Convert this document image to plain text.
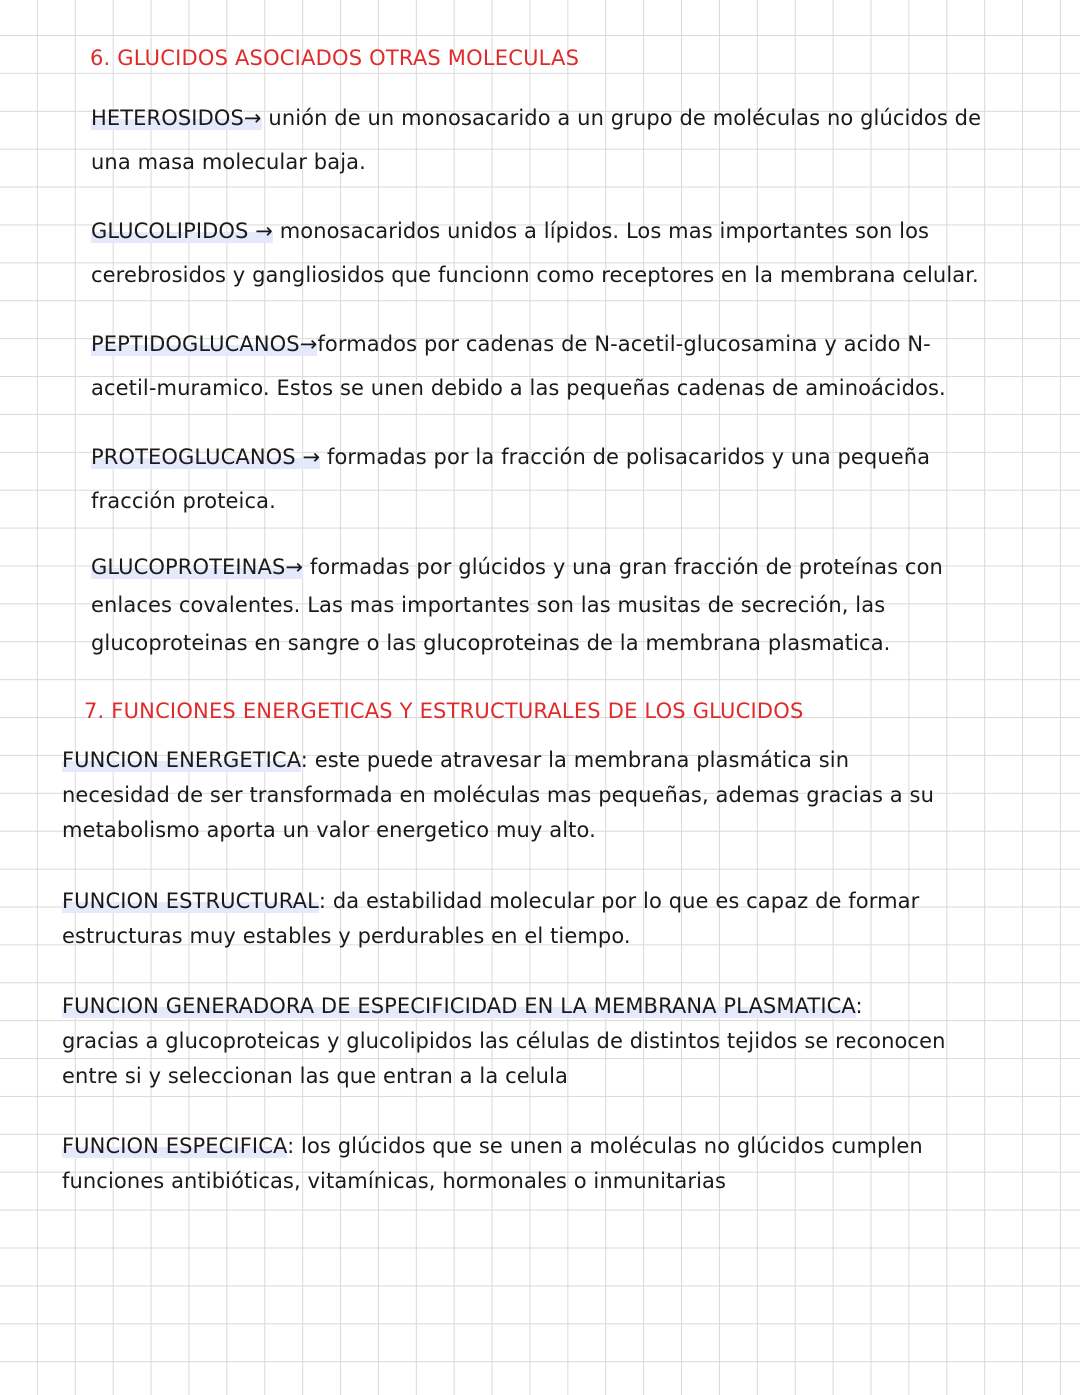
6. GLUCIDOS ASOCIADOS OTRAS MOLECULAS
HETEROSIDOS→ unión de un monosacarido a un grupo de moléculas no glúcidos de
una masa molecular baja.
GLUCOLIPIDOS → monosacaridos unidos a lípidos. Los mas importantes son los
cerebrosidos y gangliosidos que funcionn como receptores en la membrana celular.
PEPTIDOGLUCANOS→formados por cadenas de N-acetil-glucosamina y acido N-
acetil-muramico. Estos se unen debido a las pequeñas cadenas de aminoácidos.
PROTEOGLUCANOS → formadas por la fracción de polisacaridos y una pequeña
fracción proteica.
GLUCOPROTEINAS→ formadas por glúcidos y una gran fracción de proteínas con
enlaces covalentes. Las mas importantes son las musitas de secreción, las
glucoproteinas en sangre o las glucoproteinas de la membrana plasmatica.
7. FUNCIONES ENERGETICAS Y ESTRUCTURALES DE LOS GLUCIDOS
FUNCION ENERGETICA: este puede atravesar la membrana plasmática sin
necesidad de ser transformada en moléculas mas pequeñas, ademas gracias a su
metabolismo aporta un valor energetico muy alto.
FUNCION ESTRUCTURAL: da estabilidad molecular por lo que es capaz de formar
estructuras muy estables y perdurables en el tiempo.
FUNCION GENERADORA DE ESPECIFICIDAD EN LA MEMBRANA PLASMATICA:
gracias a glucoproteicas y glucolipidos las células de distintos tejidos se reconocen
entre si y seleccionan las que entran a la celula
FUNCION ESPECIFICA: los glúcidos que se unen a moléculas no glúcidos cumplen
funciones antibióticas, vitamínicas, hormonales o inmunitarias
